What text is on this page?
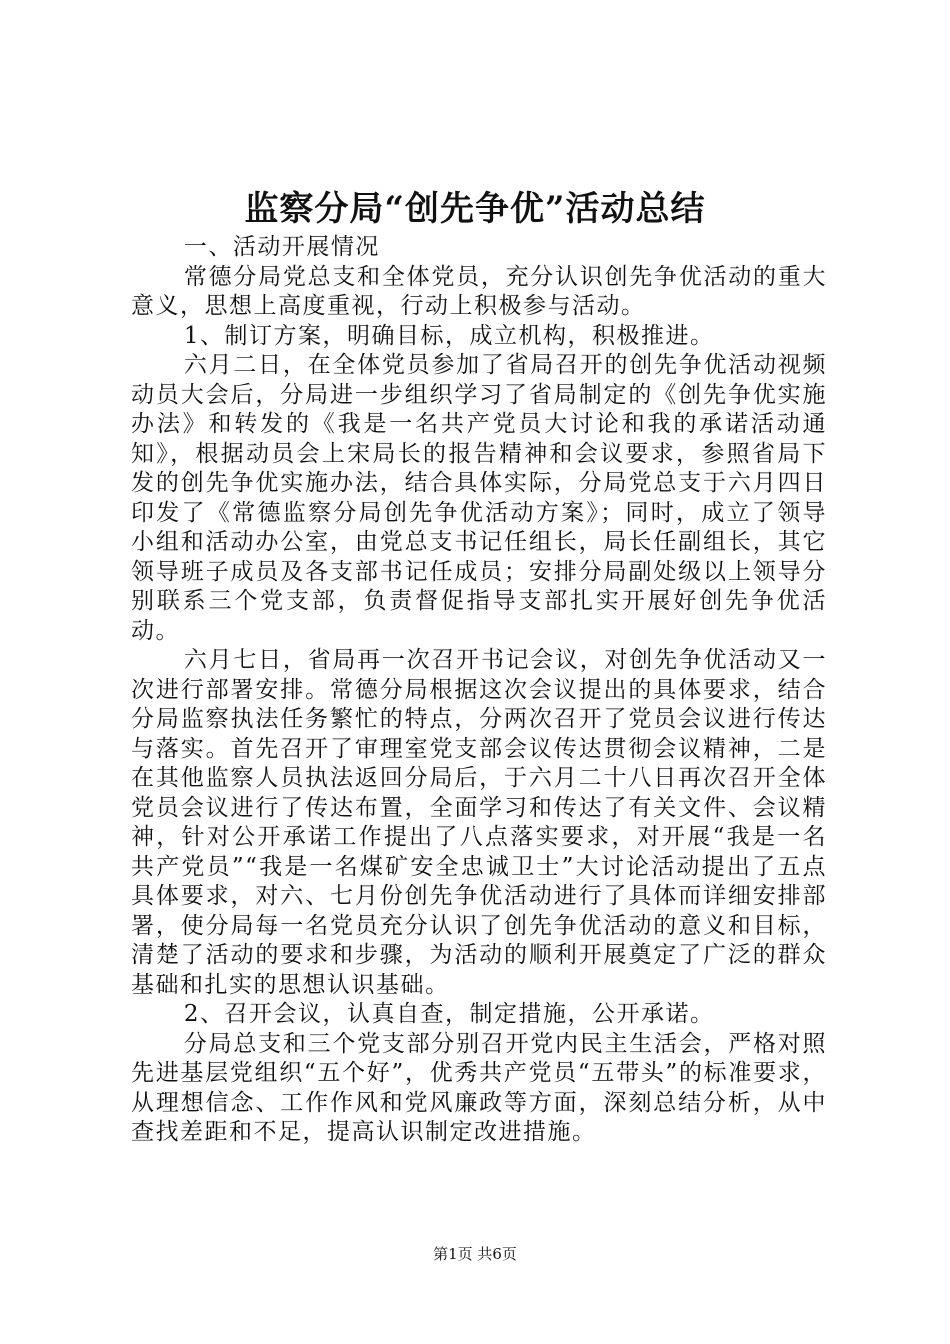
监察分局“创先争优”活动总结

一、活动开展情况

常德分局党总支和全体党员，充分认识创先争优活动的重大意义，思想上高度重视，行动上积极参与活动。

1、制订方案，明确目标，成立机构，积极推进。

六月二日，在全体党员参加了省局召开的创先争优活动视频动员大会后，分局进一步组织学习了省局制定的《创先争优实施办法》和转发的《我是一名共产党员大讨论和我的承诺活动通知》，根据动员会上宋局长的报告精神和会议要求，参照省局下发的创先争优实施办法，结合具体实际，分局党总支于六月四日印发了《常德监察分局创先争优活动方案》；同时，成立了领导小组和活动办公室，由党总支书记任组长，局长任副组长，其它领导班子成员及各支部书记任成员；安排分局副处级以上领导分别联系三个党支部，负责督促指导支部扎实开展好创先争优活动。

六月七日，省局再一次召开书记会议，对创先争优活动又一次进行部署安排。常德分局根据这次会议提出的具体要求，结合分局监察执法任务繁忙的特点，分两次召开了党员会议进行传达与落实。首先召开了审理室党支部会议传达贯彻会议精神，二是在其他监察人员执法返回分局后，于六月二十八日再次召开全体党员会议进行了传达布置，全面学习和传达了有关文件、会议精神，针对公开承诺工作提出了八点落实要求，对开展“我是一名共产党员”“我是一名煤矿安全忠诚卫士”大讨论活动提出了五点具体要求，对六、七月份创先争优活动进行了具体而详细安排部署，使分局每一名党员充分认识了创先争优活动的意义和目标，清楚了活动的要求和步骤，为活动的顺利开展奠定了广泛的群众基础和扎实的思想认识基础。

2、召开会议，认真自查，制定措施，公开承诺。

分局总支和三个党支部分别召开党内民主生活会，严格对照先进基层党组织“五个好”，优秀共产党员“五带头”的标准要求，从理想信念、工作作风和党风廉政等方面，深刻总结分析，从中查找差距和不足，提高认识制定改进措施。

第1页 共6页
